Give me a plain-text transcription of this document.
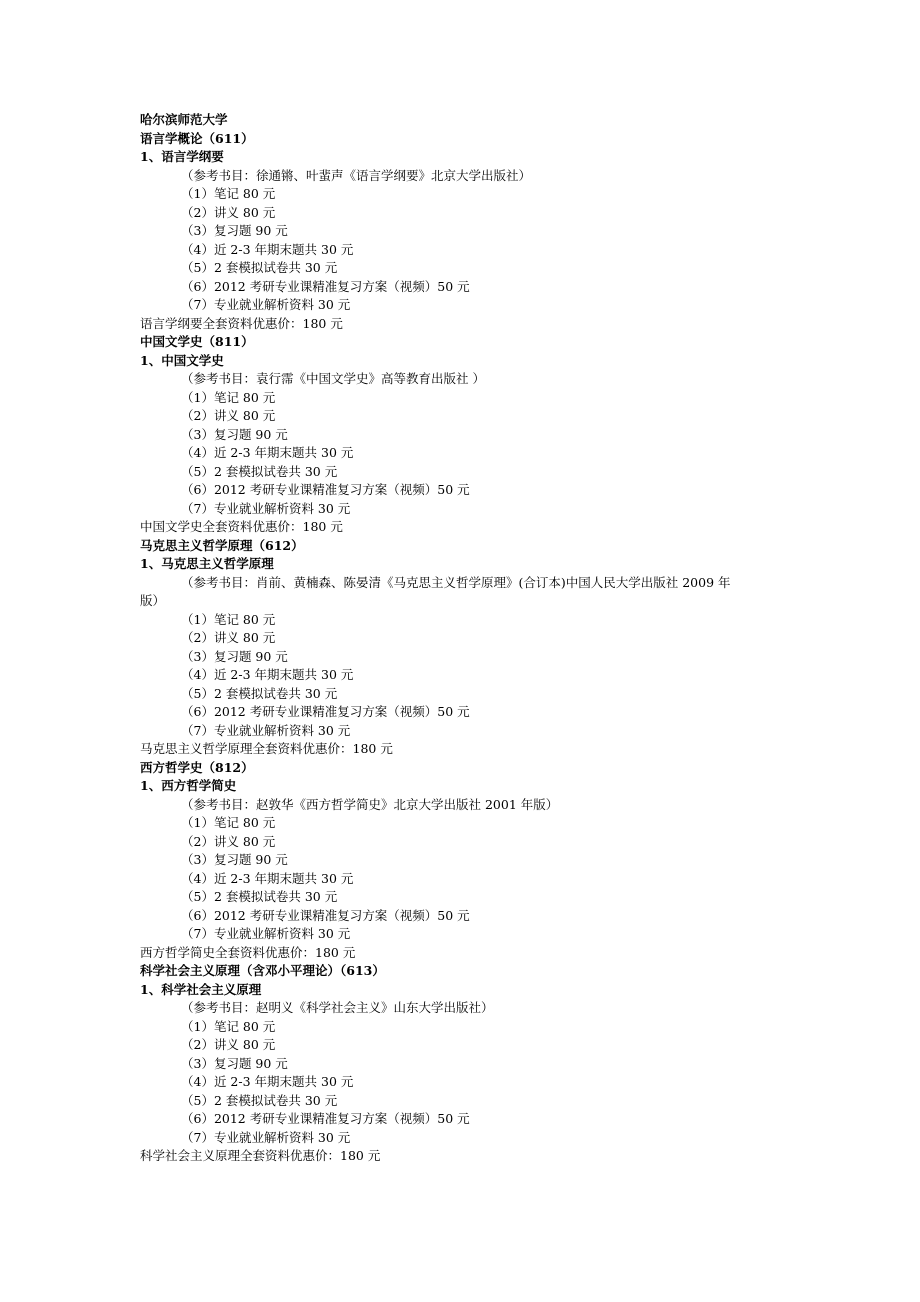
哈尔滨师范大学
语言学概论（611）
1、语言学纲要
（参考书目：徐通锵、叶蜚声《语言学纲要》北京大学出版社）
（1）笔记 80 元
（2）讲义 80 元
（3）复习题 90 元
（4）近 2-3 年期末题共 30 元
（5）2 套模拟试卷共 30 元
（6）2012 考研专业课精准复习方案（视频）50 元
（7）专业就业解析资料 30 元
语言学纲要全套资料优惠价：180 元
中国文学史（811）
1、中国文学史
（参考书目：袁行霈《中国文学史》高等教育出版社 ）
（1）笔记 80 元
（2）讲义 80 元
（3）复习题 90 元
（4）近 2-3 年期末题共 30 元
（5）2 套模拟试卷共 30 元
（6）2012 考研专业课精准复习方案（视频）50 元
（7）专业就业解析资料 30 元
中国文学史全套资料优惠价：180 元
马克思主义哲学原理（612）
1、马克思主义哲学原理
（参考书目：肖前、黄楠森、陈晏清《马克思主义哲学原理》(合订本)中国人民大学出版社 2009 年
版）
（1）笔记 80 元
（2）讲义 80 元
（3）复习题 90 元
（4）近 2-3 年期末题共 30 元
（5）2 套模拟试卷共 30 元
（6）2012 考研专业课精准复习方案（视频）50 元
（7）专业就业解析资料 30 元
马克思主义哲学原理全套资料优惠价：180 元
西方哲学史（812）
1、西方哲学简史
（参考书目：赵敦华《西方哲学简史》北京大学出版社 2001 年版）
（1）笔记 80 元
（2）讲义 80 元
（3）复习题 90 元
（4）近 2-3 年期末题共 30 元
（5）2 套模拟试卷共 30 元
（6）2012 考研专业课精准复习方案（视频）50 元
（7）专业就业解析资料 30 元
西方哲学简史全套资料优惠价：180 元
科学社会主义原理（含邓小平理论）（613）
1、科学社会主义原理
（参考书目：赵明义《科学社会主义》山东大学出版社）
（1）笔记 80 元
（2）讲义 80 元
（3）复习题 90 元
（4）近 2-3 年期末题共 30 元
（5）2 套模拟试卷共 30 元
（6）2012 考研专业课精准复习方案（视频）50 元
（7）专业就业解析资料 30 元
科学社会主义原理全套资料优惠价：180 元
